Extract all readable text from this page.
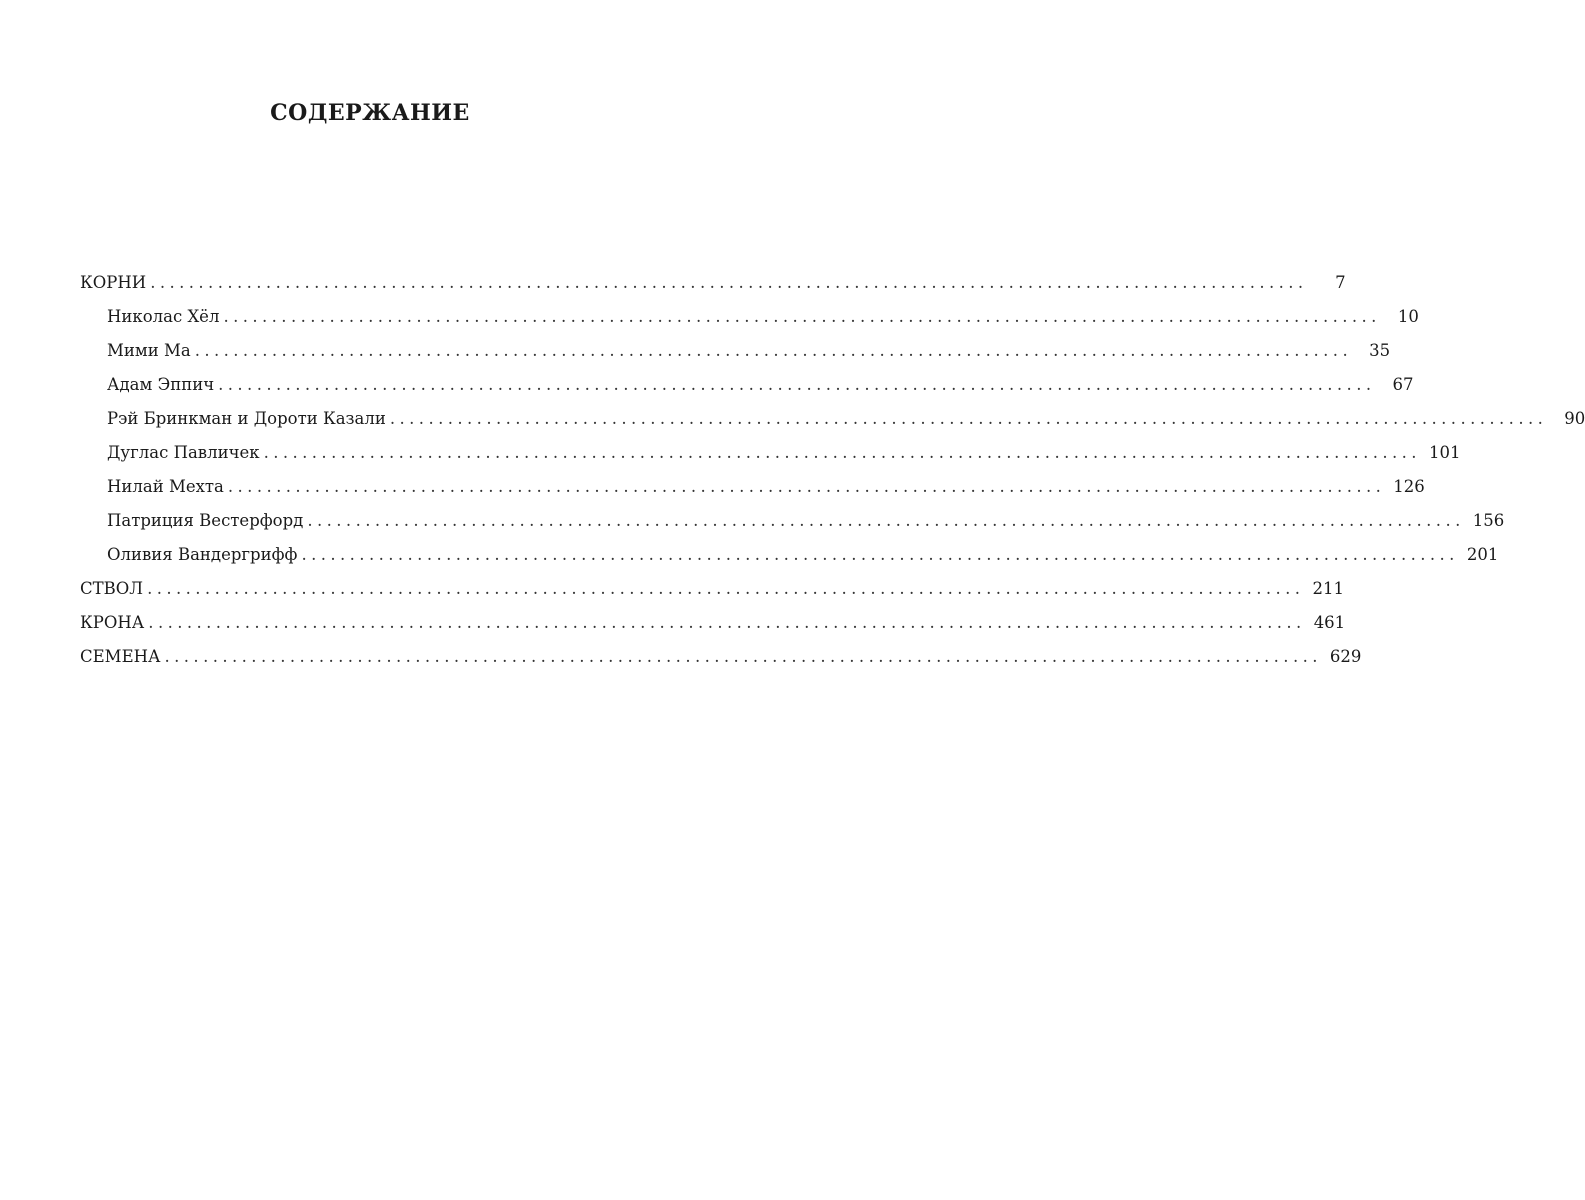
СОДЕРЖАНИЕ
КОРНИ ........................................................................................................................	7
Николас Хёл ........................................................................................................................	10
Мими Ма ........................................................................................................................	35
Адам Эппич ........................................................................................................................	67
Рэй Бринкман и Дороти Казали ........................................................................................................................	90
Дуглас Павличек ........................................................................................................................ 101
Нилай Мехта ........................................................................................................................ 126
Патриция Вестерфорд ........................................................................................................................ 156
Оливия Вандергрифф ........................................................................................................................ 201
СТВОЛ ........................................................................................................................ 211
КРОНА ........................................................................................................................ 461
СЕМЕНА ........................................................................................................................ 629
